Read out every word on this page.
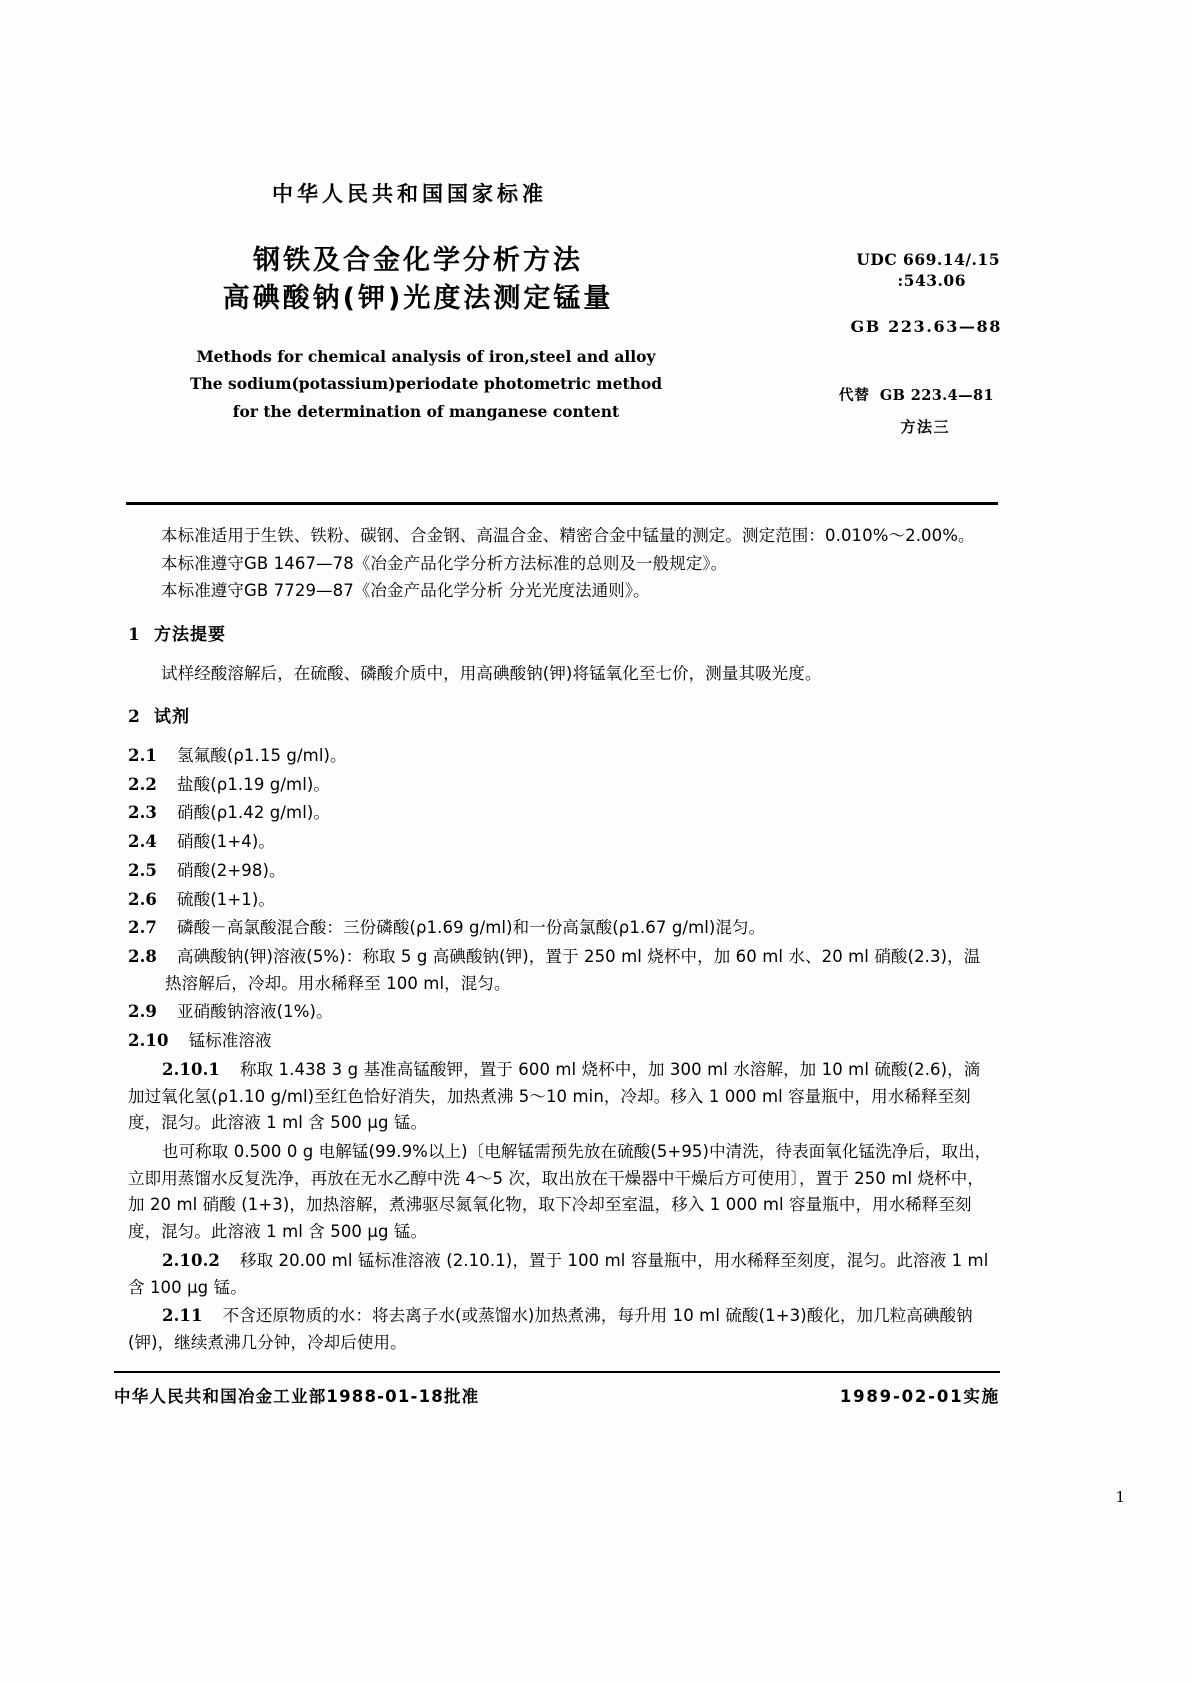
中华人民共和国国家标准
钢铁及合金化学分析方法
高碘酸钠(钾)光度法测定锰量
Methods for chemical analysis of iron,steel and alloy
The sodium(potassium)periodate photometric method
for the determination of manganese content
UDC 669.14/.15
:543.06
GB 223.63—88
代替 GB 223.4—81
方法三

本标准适用于生铁、铁粉、碳钢、合金钢、高温合金、精密合金中锰量的测定。测定范围：0.010%～2.00%。

本标准遵守GB 1467—78《冶金产品化学分析方法标准的总则及一般规定》。

本标准遵守GB 7729—87《冶金产品化学分析 分光光度法通则》。

1 方法提要

试样经酸溶解后，在硫酸、磷酸介质中，用高碘酸钠(钾)将锰氧化至七价，测量其吸光度。

2 试剂

2.1 氢氟酸(ρ1.15 g/ml)。

2.2 盐酸(ρ1.19 g/ml)。

2.3 硝酸(ρ1.42 g/ml)。

2.4 硝酸(1+4)。

2.5 硝酸(2+98)。

2.6 硫酸(1+1)。

2.7 磷酸－高氯酸混合酸：三份磷酸(ρ1.69 g/ml)和一份高氯酸(ρ1.67 g/ml)混匀。

2.8 高碘酸钠(钾)溶液(5%)：称取 5 g 高碘酸钠(钾)，置于 250 ml 烧杯中，加 60 ml 水、20 ml 硝酸(2.3)，温热溶解后，冷却。用水稀释至 100 ml，混匀。

2.9 亚硝酸钠溶液(1%)。

2.10 锰标准溶液

2.10.1 称取 1.438 3 g 基准高锰酸钾，置于 600 ml 烧杯中，加 300 ml 水溶解，加 10 ml 硫酸(2.6)，滴加过氧化氢(ρ1.10 g/ml)至红色恰好消失，加热煮沸 5～10 min，冷却。移入 1 000 ml 容量瓶中，用水稀释至刻度，混匀。此溶液 1 ml 含 500 μg 锰。

也可称取 0.500 0 g 电解锰(99.9%以上)〔电解锰需预先放在硫酸(5+95)中清洗，待表面氧化锰洗净后，取出，立即用蒸馏水反复洗净，再放在无水乙醇中洗 4～5 次，取出放在干燥器中干燥后方可使用〕，置于 250 ml 烧杯中，加 20 ml 硝酸 (1+3)，加热溶解，煮沸驱尽氮氧化物，取下冷却至室温，移入 1 000 ml 容量瓶中，用水稀释至刻度，混匀。此溶液 1 ml 含 500 μg 锰。

2.10.2 移取 20.00 ml 锰标准溶液 (2.10.1)，置于 100 ml 容量瓶中，用水稀释至刻度，混匀。此溶液 1 ml 含 100 μg 锰。

2.11 不含还原物质的水：将去离子水(或蒸馏水)加热煮沸，每升用 10 ml 硫酸(1+3)酸化，加几粒高碘酸钠(钾)，继续煮沸几分钟，冷却后使用。

中华人民共和国冶金工业部1988-01-18批准	1989-02-01实施
1
